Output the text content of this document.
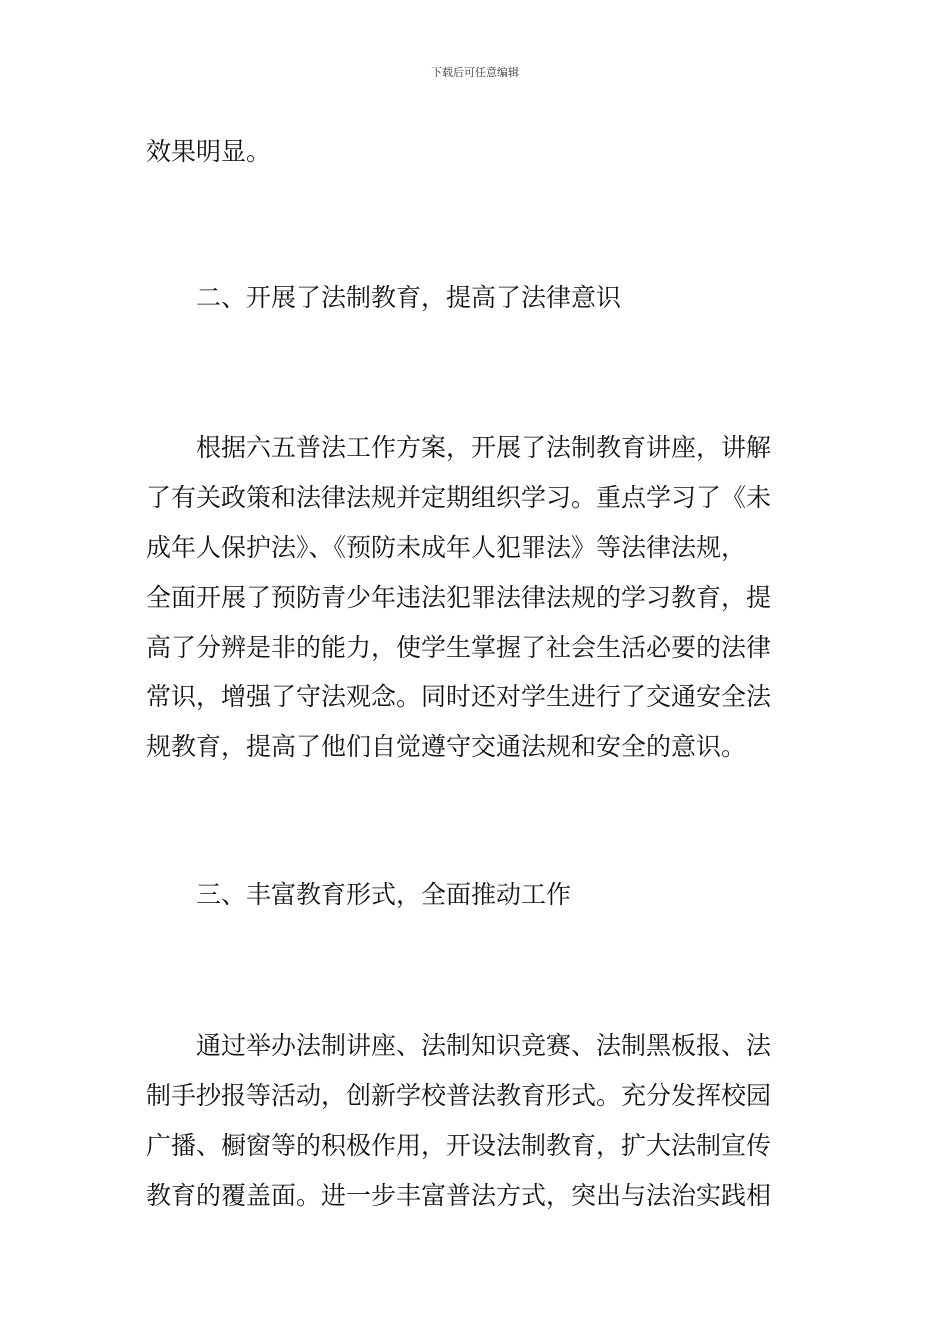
下载后可任意编辑
效果明显。
二、开展了法制教育，提高了法律意识
根据六五普法工作方案，开展了法制教育讲座，讲解
了有关政策和法律法规并定期组织学习。重点学习了《未
成年人保护法》、《预防未成年人犯罪法》等法律法规，
全面开展了预防青少年违法犯罪法律法规的学习教育，提
高了分辨是非的能力，使学生掌握了社会生活必要的法律
常识，增强了守法观念。同时还对学生进行了交通安全法
规教育，提高了他们自觉遵守交通法规和安全的意识。
三、丰富教育形式，全面推动工作
通过举办法制讲座、法制知识竞赛、法制黑板报、法
制手抄报等活动，创新学校普法教育形式。充分发挥校园
广播、橱窗等的积极作用，开设法制教育，扩大法制宣传
教育的覆盖面。进一步丰富普法方式，突出与法治实践相
